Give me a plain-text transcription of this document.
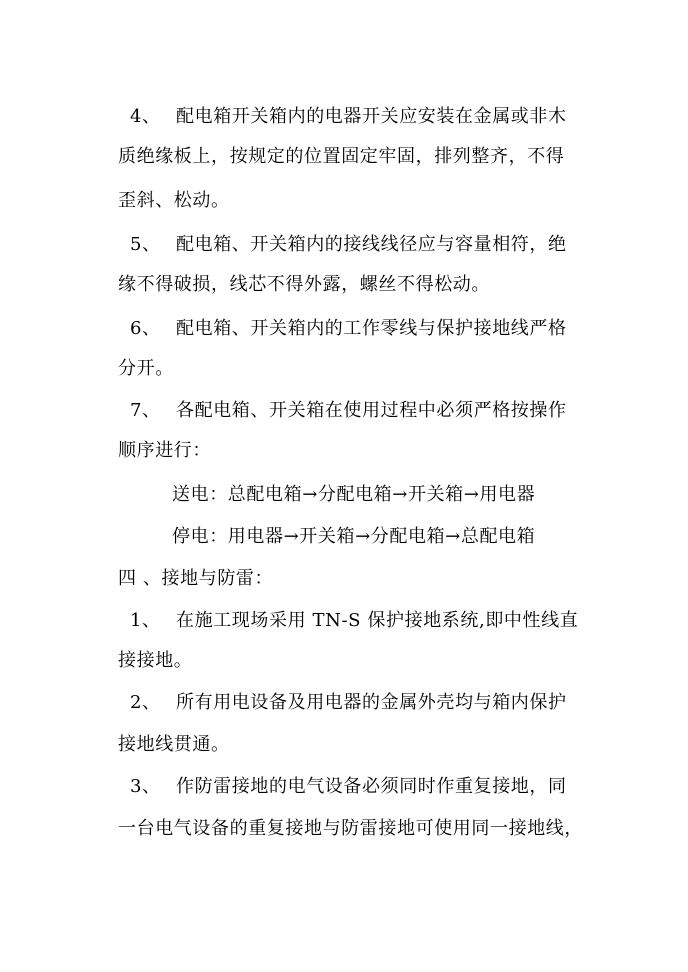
4、 配电箱开关箱内的电器开关应安装在金属或非木
质绝缘板上，按规定的位置固定牢固，排列整齐，不得
歪斜、松动。
5、 配电箱、开关箱内的接线线径应与容量相符，绝
缘不得破损，线芯不得外露，螺丝不得松动。
6、 配电箱、开关箱内的工作零线与保护接地线严格
分开。
7、 各配电箱、开关箱在使用过程中必须严格按操作
顺序进行：
送电：总配电箱→分配电箱→开关箱→用电器
停电：用电器→开关箱→分配电箱→总配电箱
四 、接地与防雷：
1、 在施工现场采用 TN-S 保护接地系统,即中性线直
接接地。
2、 所有用电设备及用电器的金属外壳均与箱内保护
接地线贯通。
3、 作防雷接地的电气设备必须同时作重复接地，同
一台电气设备的重复接地与防雷接地可使用同一接地线，
